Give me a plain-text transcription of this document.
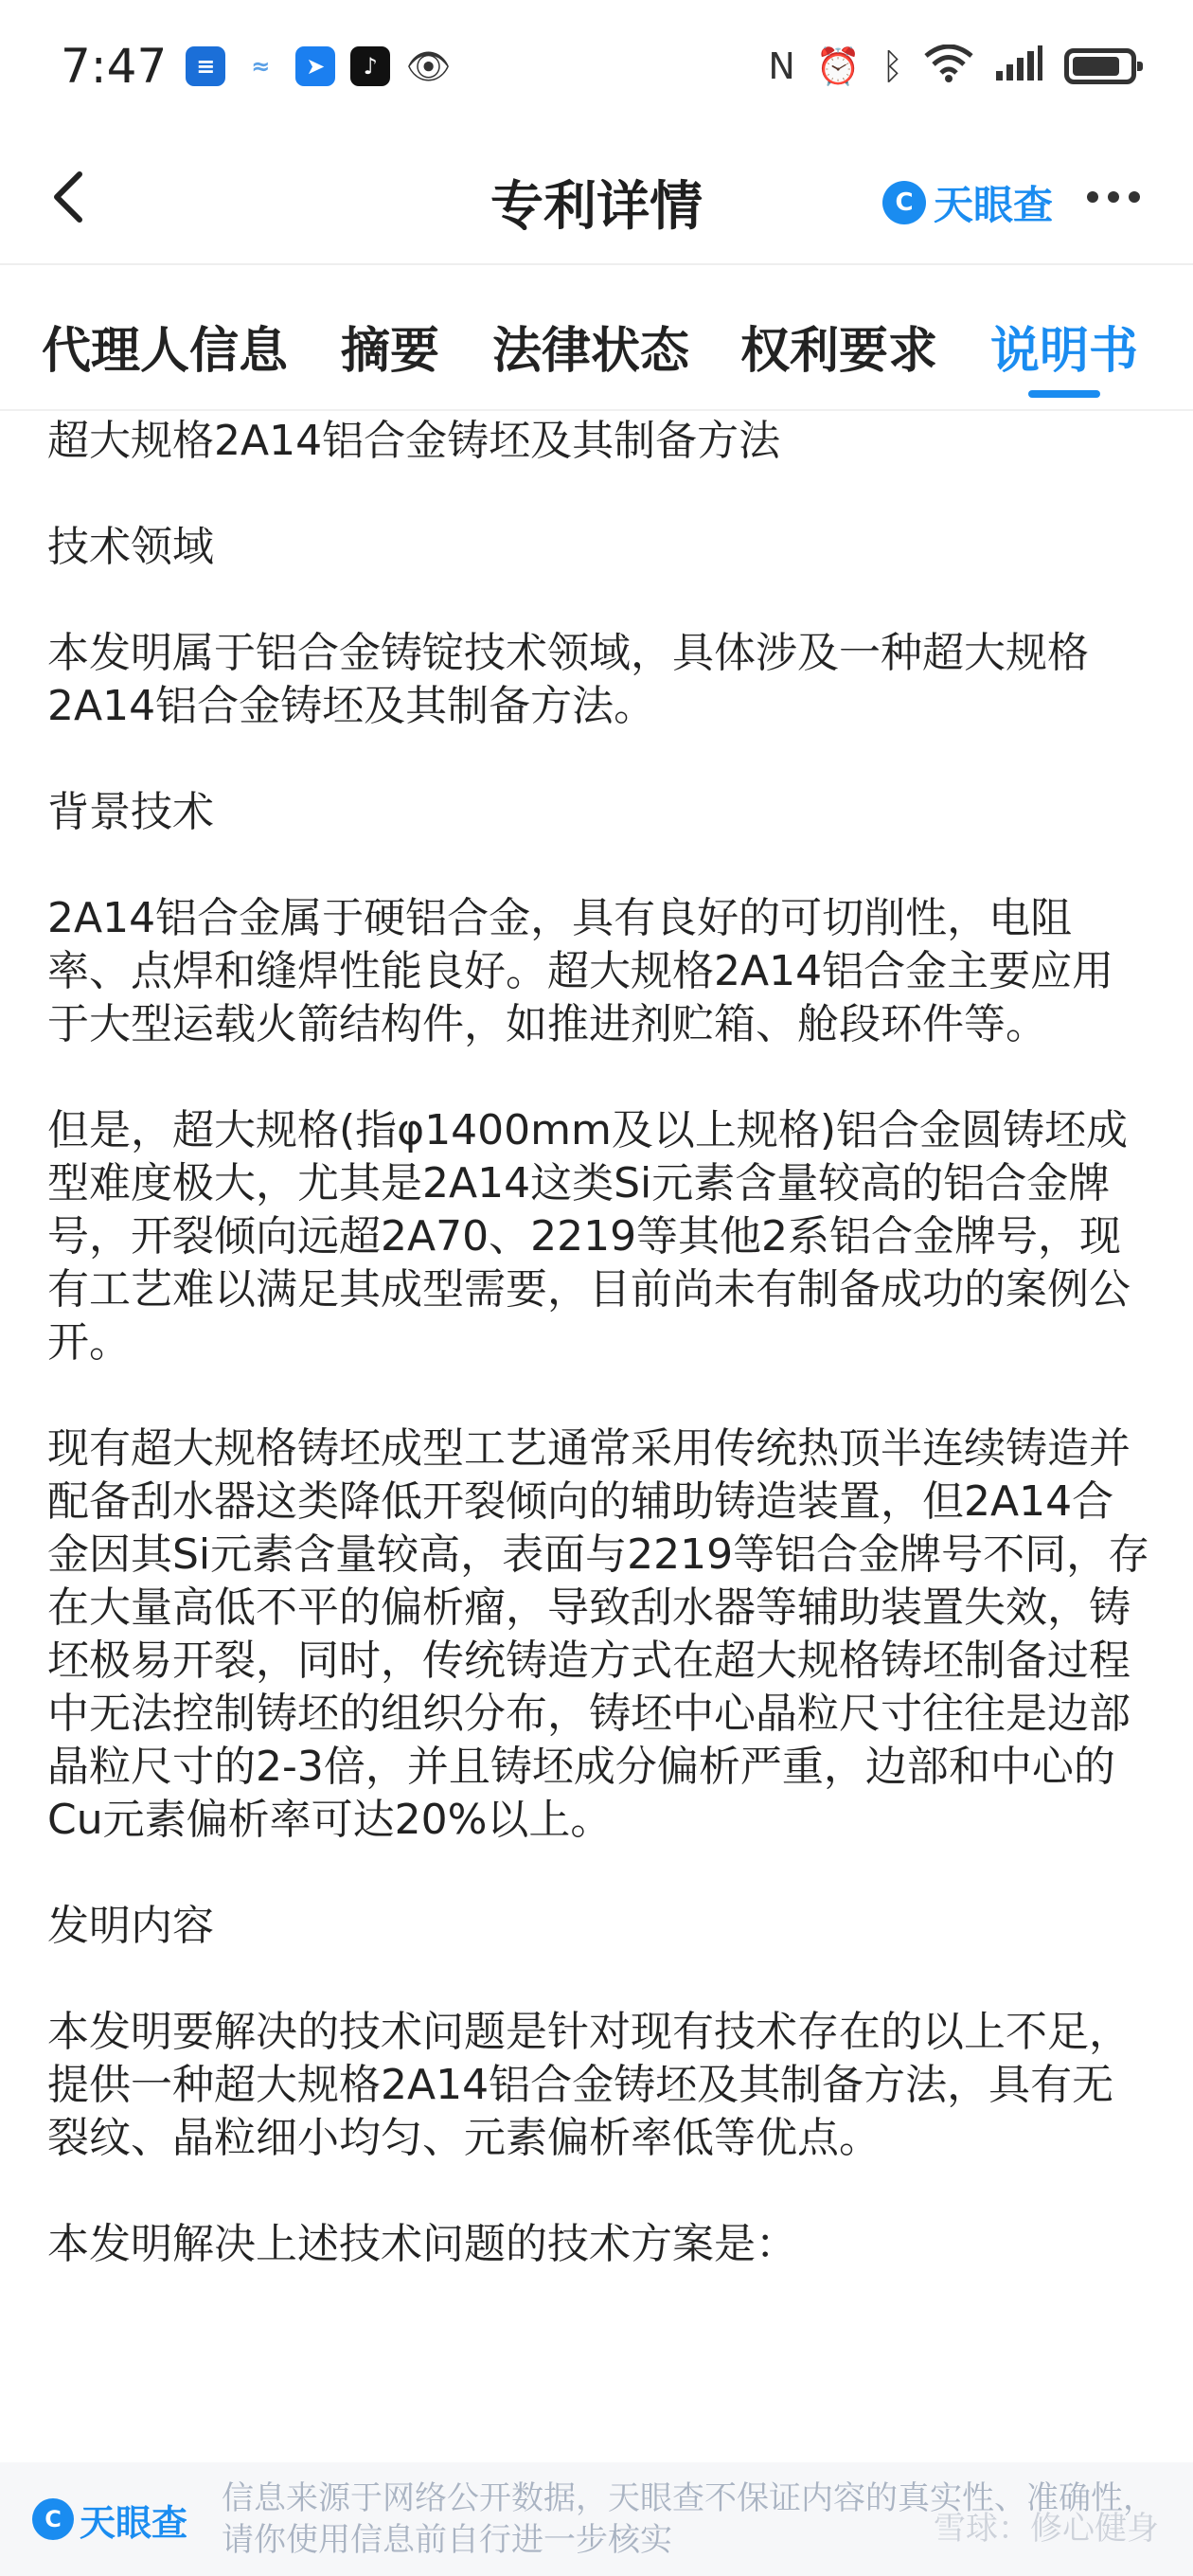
7:47	≡	≈	➤	♪ 👁	N ⏰ ᛒ
专利详情	C 天眼查
代理人信息 摘要 法律状态 权利要求 说明书

超大规格2A14铝合金铸坯及其制备方法

技术领域

本发明属于铝合金铸锭技术领域，具体涉及一种超大规格2A14铝合金铸坯及其制备方法。

背景技术

2A14铝合金属于硬铝合金，具有良好的可切削性，电阻率、点焊和缝焊性能良好。超大规格2A14铝合金主要应用于大型运载火箭结构件，如推进剂贮箱、舱段环件等。

但是，超大规格(指φ1400mm及以上规格)铝合金圆铸坯成型难度极大，尤其是2A14这类Si元素含量较高的铝合金牌号，开裂倾向远超2A70、2219等其他2系铝合金牌号，现有工艺难以满足其成型需要，目前尚未有制备成功的案例公开。

现有超大规格铸坯成型工艺通常采用传统热顶半连续铸造并配备刮水器这类降低开裂倾向的辅助铸造装置，但2A14合金因其Si元素含量较高，表面与2219等铝合金牌号不同，存在大量高低不平的偏析瘤，导致刮水器等辅助装置失效，铸坯极易开裂，同时，传统铸造方式在超大规格铸坯制备过程中无法控制铸坯的组织分布，铸坯中心晶粒尺寸往往是边部晶粒尺寸的2-3倍，并且铸坯成分偏析严重，边部和中心的Cu元素偏析率可达20%以上。

发明内容

本发明要解决的技术问题是针对现有技术存在的以上不足，提供一种超大规格2A14铝合金铸坯及其制备方法，具有无裂纹、晶粒细小均匀、元素偏析率低等优点。

本发明解决上述技术问题的技术方案是：

C 天眼查
信息来源于网络公开数据，天眼查不保证内容的真实性、准确性，
请你使用信息前自行进一步核实	雪球：修心健身
